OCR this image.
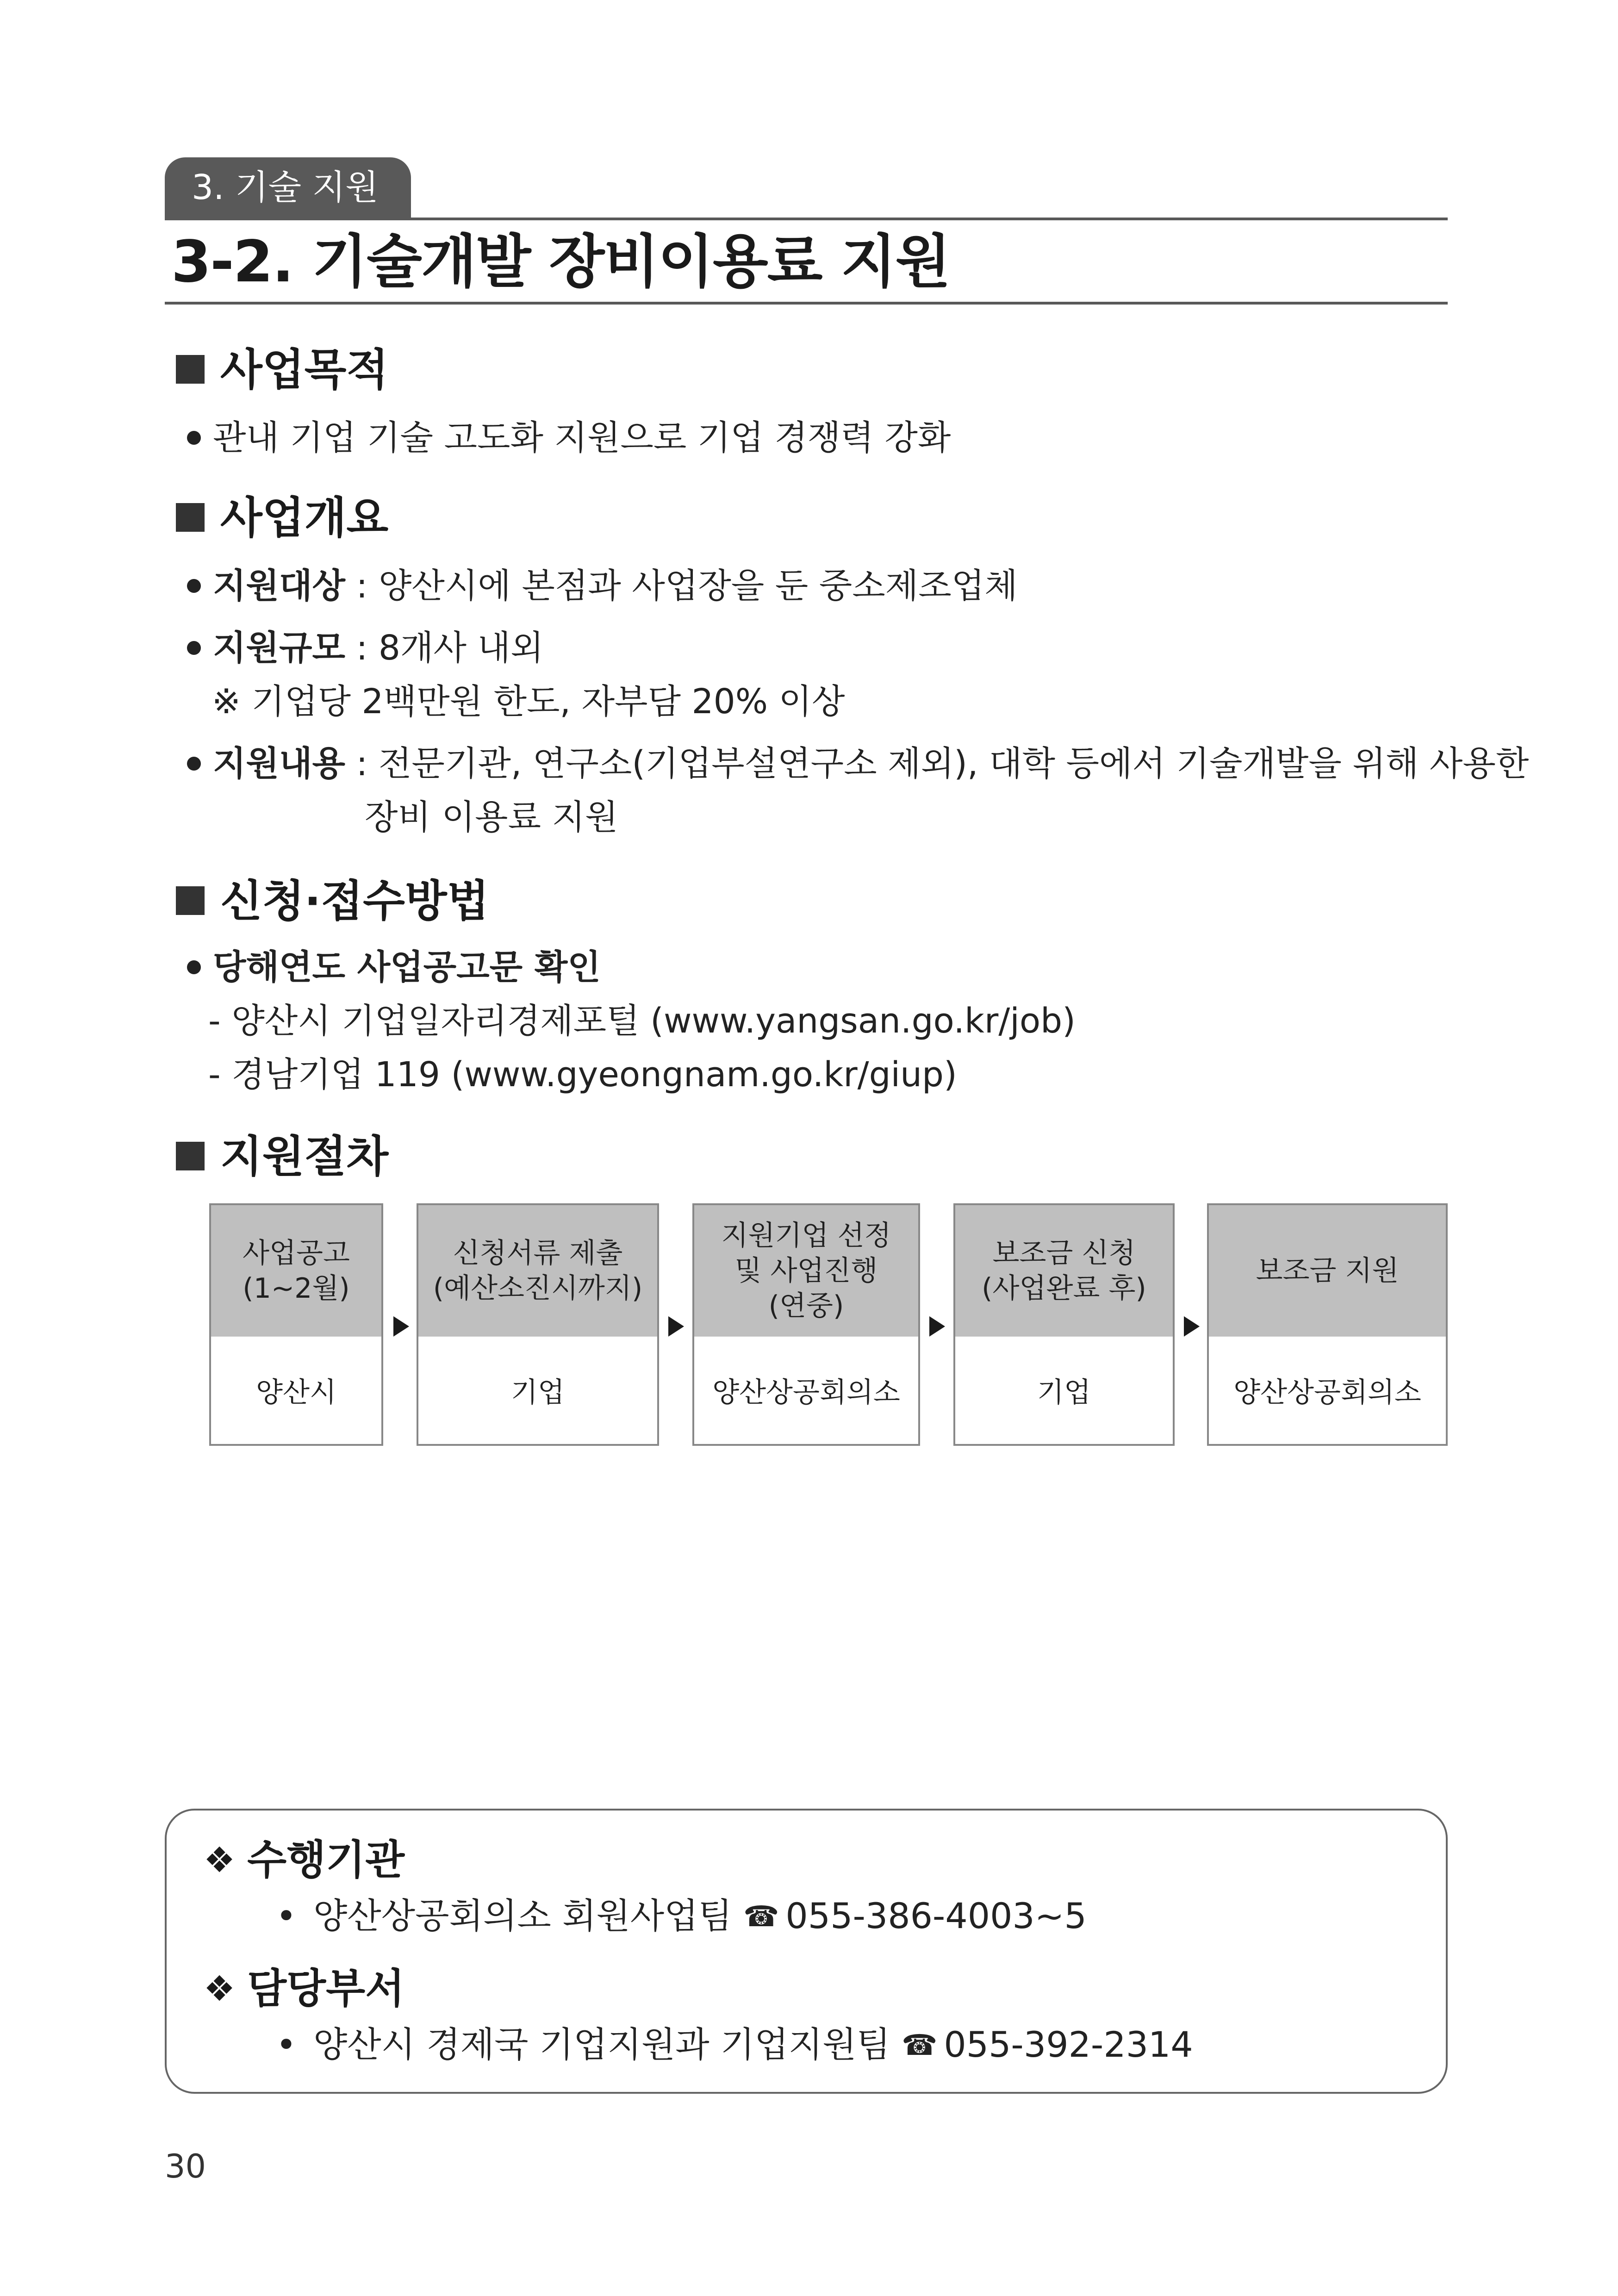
3. 기술 지원
3-2. 기술개발 장비이용료 지원
사업목적
관내 기업 기술 고도화 지원으로 기업 경쟁력 강화
사업개요
지원대상 : 양산시에 본점과 사업장을 둔 중소제조업체
지원규모 : 8개사 내외
※ 기업당 2백만원 한도, 자부담 20% 이상
지원내용 : 전문기관, 연구소(기업부설연구소 제외), 대학 등에서 기술개발을 위해 사용한
장비 이용료 지원
신청·접수방법
당해연도 사업공고문 확인
- 양산시 기업일자리경제포털 (www.yangsan.go.kr/job)
- 경남기업 119 (www.gyeongnam.go.kr/giup)
지원절차
사업공고
(1~2월)
양산시
신청서류 제출
(예산소진시까지)
기업
지원기업 선정
및 사업진행
(연중)
양산상공회의소
보조금 신청
(사업완료 후)
기업
보조금 지원
양산상공회의소
❖ 수행기관
• 양산상공회의소 회원사업팀 ☎ 055-386-4003~5
❖ 담당부서
• 양산시 경제국 기업지원과 기업지원팀 ☎ 055-392-2314
30
